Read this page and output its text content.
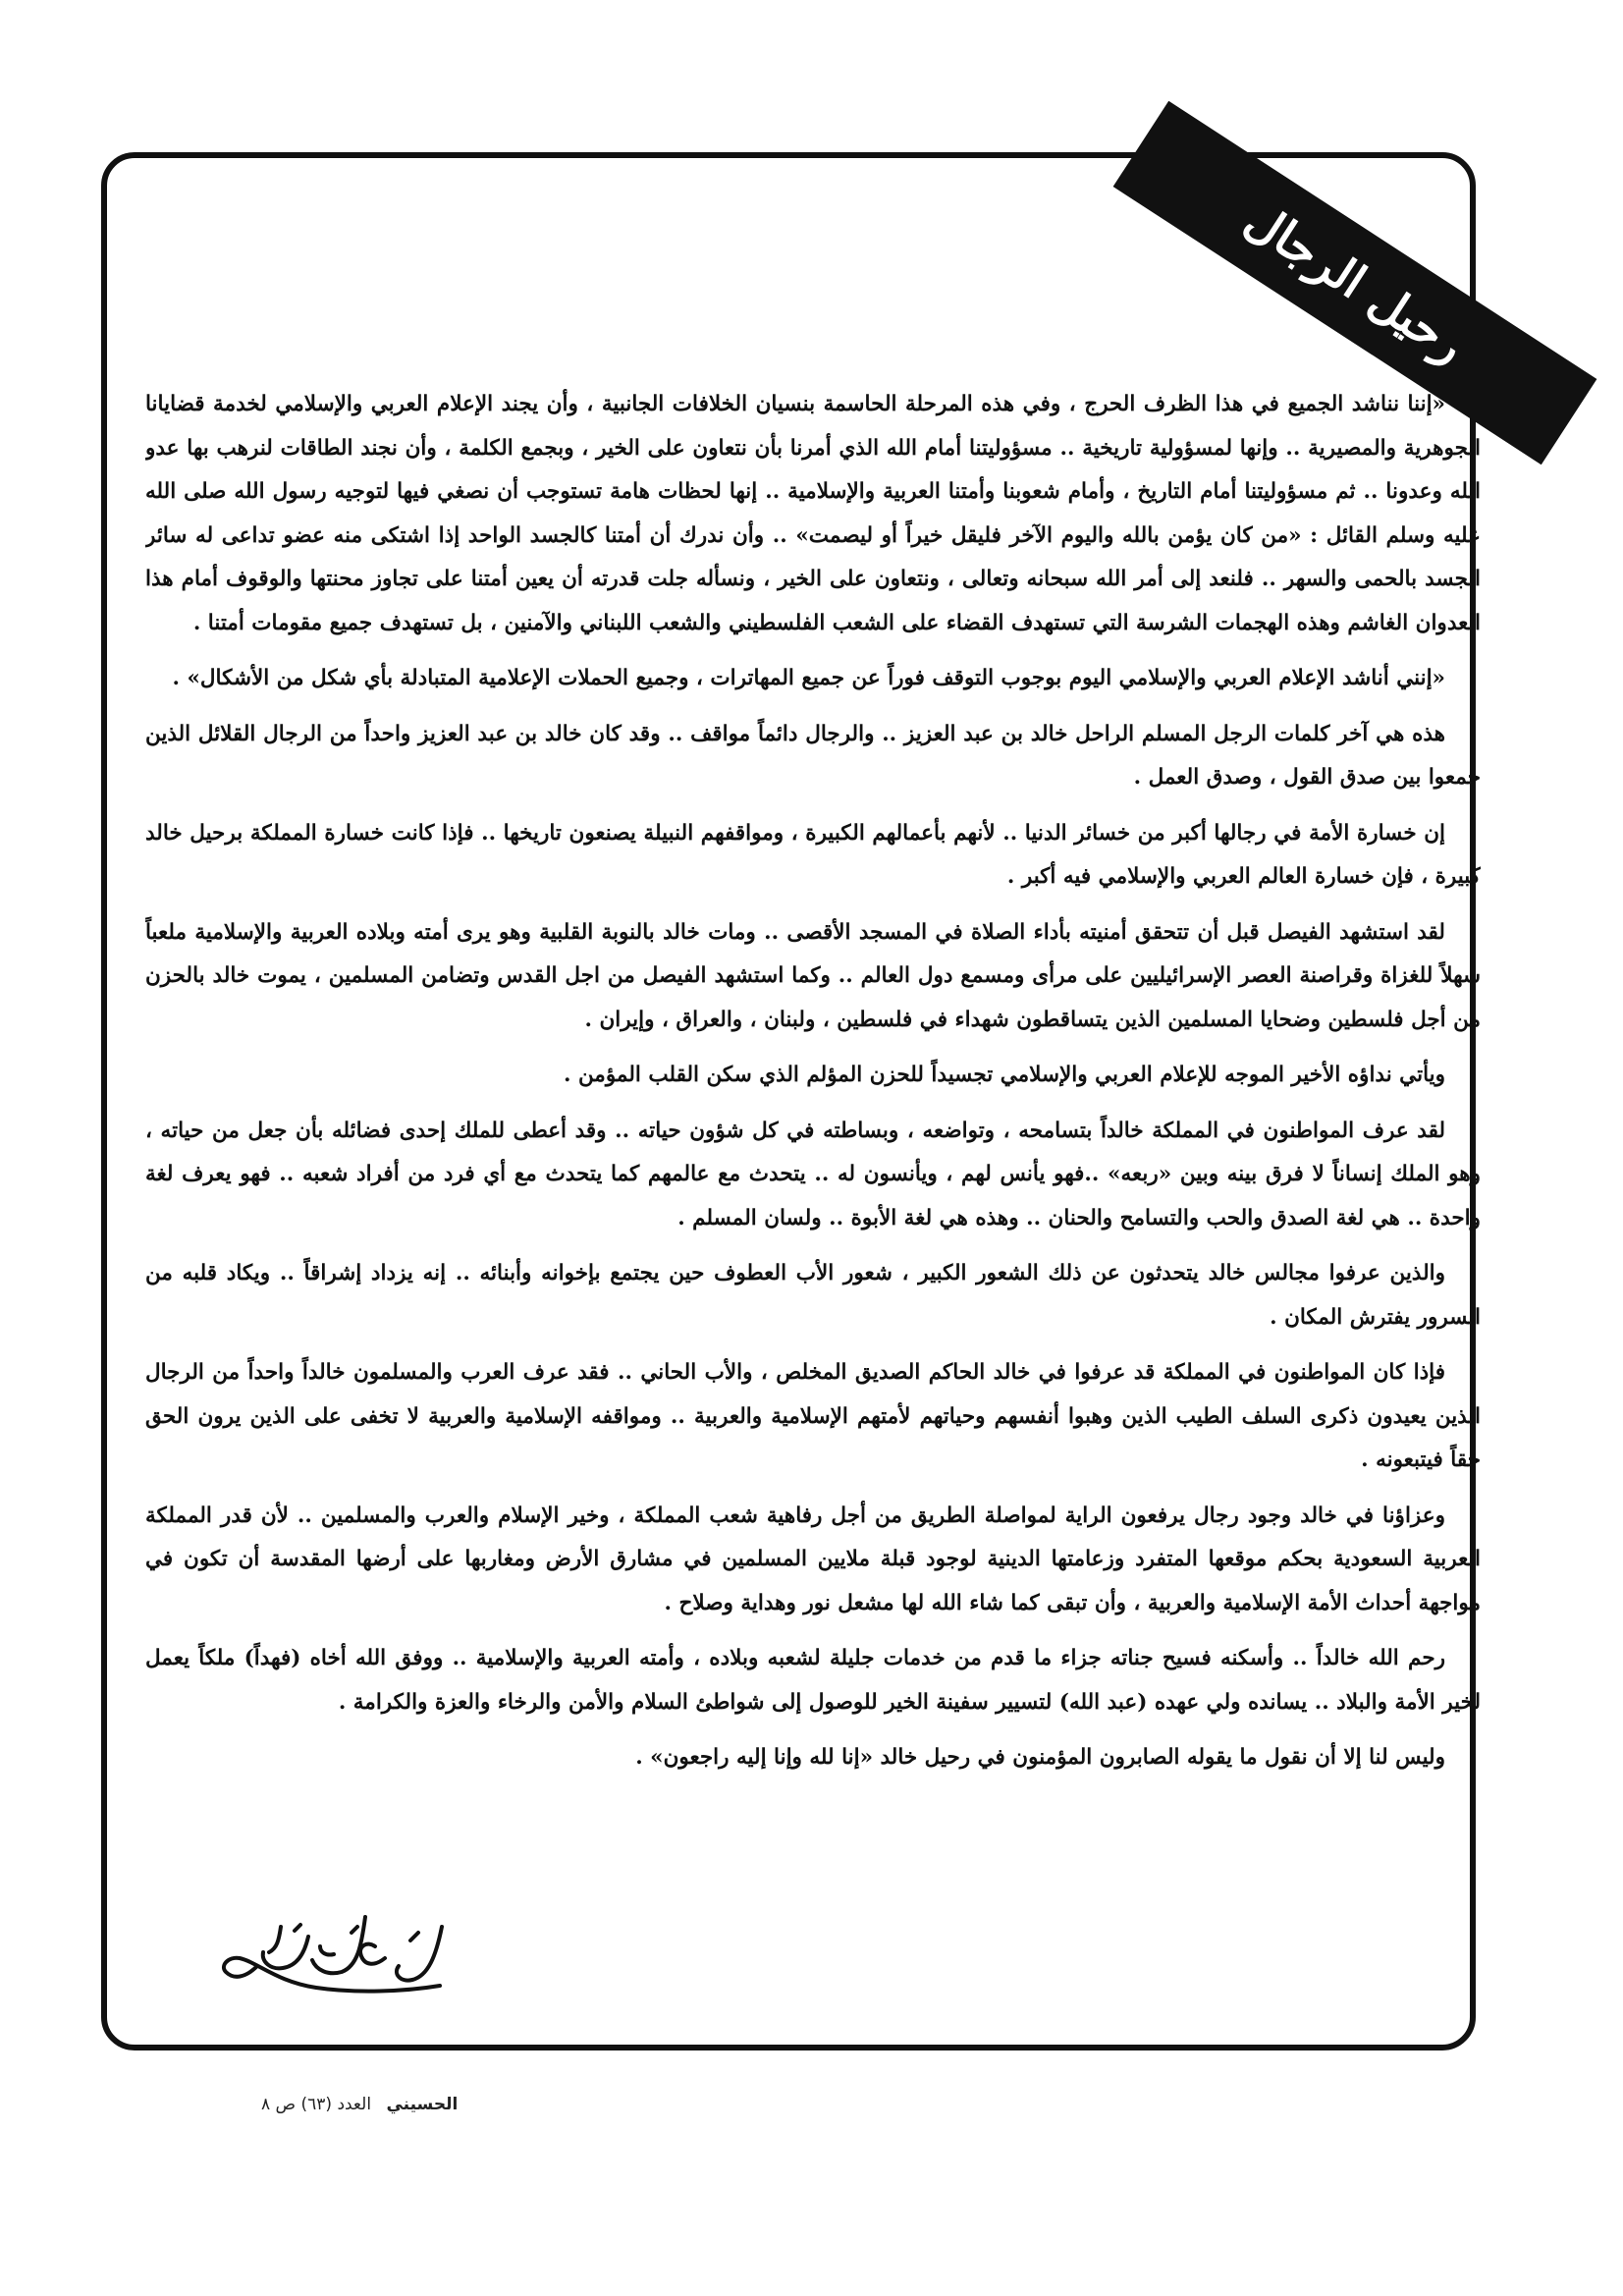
رحيل الرجال

«إننا نناشد الجميع في هذا الظرف الحرج ، وفي هذه المرحلة الحاسمة بنسيان الخلافات الجانبية ، وأن يجند الإعلام العربي والإسلامي لخدمة قضايانا الجوهرية والمصيرية .. وإنها لمسؤولية تاريخية .. مسؤوليتنا أمام الله الذي أمرنا بأن نتعاون على الخير ، وبجمع الكلمة ، وأن نجند الطاقات لنرهب بها عدو الله وعدونا .. ثم مسؤوليتنا أمام التاريخ ، وأمام شعوبنا وأمتنا العربية والإسلامية .. إنها لحظات هامة تستوجب أن نصغي فيها لتوجيه رسول الله صلى الله عليه وسلم القائل : «من كان يؤمن بالله واليوم الآخر فليقل خيراً أو ليصمت» .. وأن ندرك أن أمتنا كالجسد الواحد إذا اشتكى منه عضو تداعى له سائر الجسد بالحمى والسهر .. فلنعد إلى أمر الله سبحانه وتعالى ، ونتعاون على الخير ، ونسأله جلت قدرته أن يعين أمتنا على تجاوز محنتها والوقوف أمام هذا العدوان الغاشم وهذه الهجمات الشرسة التي تستهدف القضاء على الشعب الفلسطيني والشعب اللبناني والآمنين ، بل تستهدف جميع مقومات أمتنا .

«إنني أناشد الإعلام العربي والإسلامي اليوم بوجوب التوقف فوراً عن جميع المهاترات ، وجميع الحملات الإعلامية المتبادلة بأي شكل من الأشكال» .

هذه هي آخر كلمات الرجل المسلم الراحل خالد بن عبد العزيز .. والرجال دائماً مواقف .. وقد كان خالد بن عبد العزيز واحداً من الرجال القلائل الذين جمعوا بين صدق القول ، وصدق العمل .

إن خسارة الأمة في رجالها أكبر من خسائر الدنيا .. لأنهم بأعمالهم الكبيرة ، ومواقفهم النبيلة يصنعون تاريخها .. فإذا كانت خسارة المملكة برحيل خالد كبيرة ، فإن خسارة العالم العربي والإسلامي فيه أكبر .

لقد استشهد الفيصل قبل أن تتحقق أمنيته بأداء الصلاة في المسجد الأقصى .. ومات خالد بالنوبة القلبية وهو يرى أمته وبلاده العربية والإسلامية ملعباً سهلاً للغزاة وقراصنة العصر الإسرائيليين على مرأى ومسمع دول العالم .. وكما استشهد الفيصل من اجل القدس وتضامن المسلمين ، يموت خالد بالحزن من أجل فلسطين وضحايا المسلمين الذين يتساقطون شهداء في فلسطين ، ولبنان ، والعراق ، وإيران .

ويأتي نداؤه الأخير الموجه للإعلام العربي والإسلامي تجسيداً للحزن المؤلم الذي سكن القلب المؤمن .

لقد عرف المواطنون في المملكة خالداً بتسامحه ، وتواضعه ، وبساطته في كل شؤون حياته .. وقد أعطى للملك إحدى فضائله بأن جعل من حياته ، وهو الملك إنساناً لا فرق بينه وبين «ربعه» ..فهو يأنس لهم ، ويأنسون له .. يتحدث مع عالمهم كما يتحدث مع أي فرد من أفراد شعبه .. فهو يعرف لغة واحدة .. هي لغة الصدق والحب والتسامح والحنان .. وهذه هي لغة الأبوة .. ولسان المسلم .

والذين عرفوا مجالس خالد يتحدثون عن ذلك الشعور الكبير ، شعور الأب العطوف حين يجتمع بإخوانه وأبنائه .. إنه يزداد إشراقاً .. ويكاد قلبه من السرور يفترش المكان .

فإذا كان المواطنون في المملكة قد عرفوا في خالد الحاكم الصديق المخلص ، والأب الحاني .. فقد عرف العرب والمسلمون خالداً واحداً من الرجال الذين يعيدون ذكرى السلف الطيب الذين وهبوا أنفسهم وحياتهم لأمتهم الإسلامية والعربية .. ومواقفه الإسلامية والعربية لا تخفى على الذين يرون الحق حقاً فيتبعونه .

وعزاؤنا في خالد وجود رجال يرفعون الراية لمواصلة الطريق من أجل رفاهية شعب المملكة ، وخير الإسلام والعرب والمسلمين .. لأن قدر المملكة العربية السعودية بحكم موقعها المتفرد وزعامتها الدينية لوجود قبلة ملايين المسلمين في مشارق الأرض ومغاربها على أرضها المقدسة أن تكون في مواجهة أحداث الأمة الإسلامية والعربية ، وأن تبقى كما شاء الله لها مشعل نور وهداية وصلاح .

رحم الله خالداً .. وأسكنه فسيح جناته جزاء ما قدم من خدمات جليلة لشعبه وبلاده ، وأمته العربية والإسلامية .. ووفق الله أخاه (فهداً) ملكاً يعمل لخير الأمة والبلاد .. يسانده ولي عهده (عبد الله) لتسيير سفينة الخير للوصول إلى شواطئ السلام والأمن والرخاء والعزة والكرامة .

وليس لنا إلا أن نقول ما يقوله الصابرون المؤمنون في رحيل خالد «إنا لله وإنا إليه راجعون» .

الحسيني العدد (٦٣) ص ٨
